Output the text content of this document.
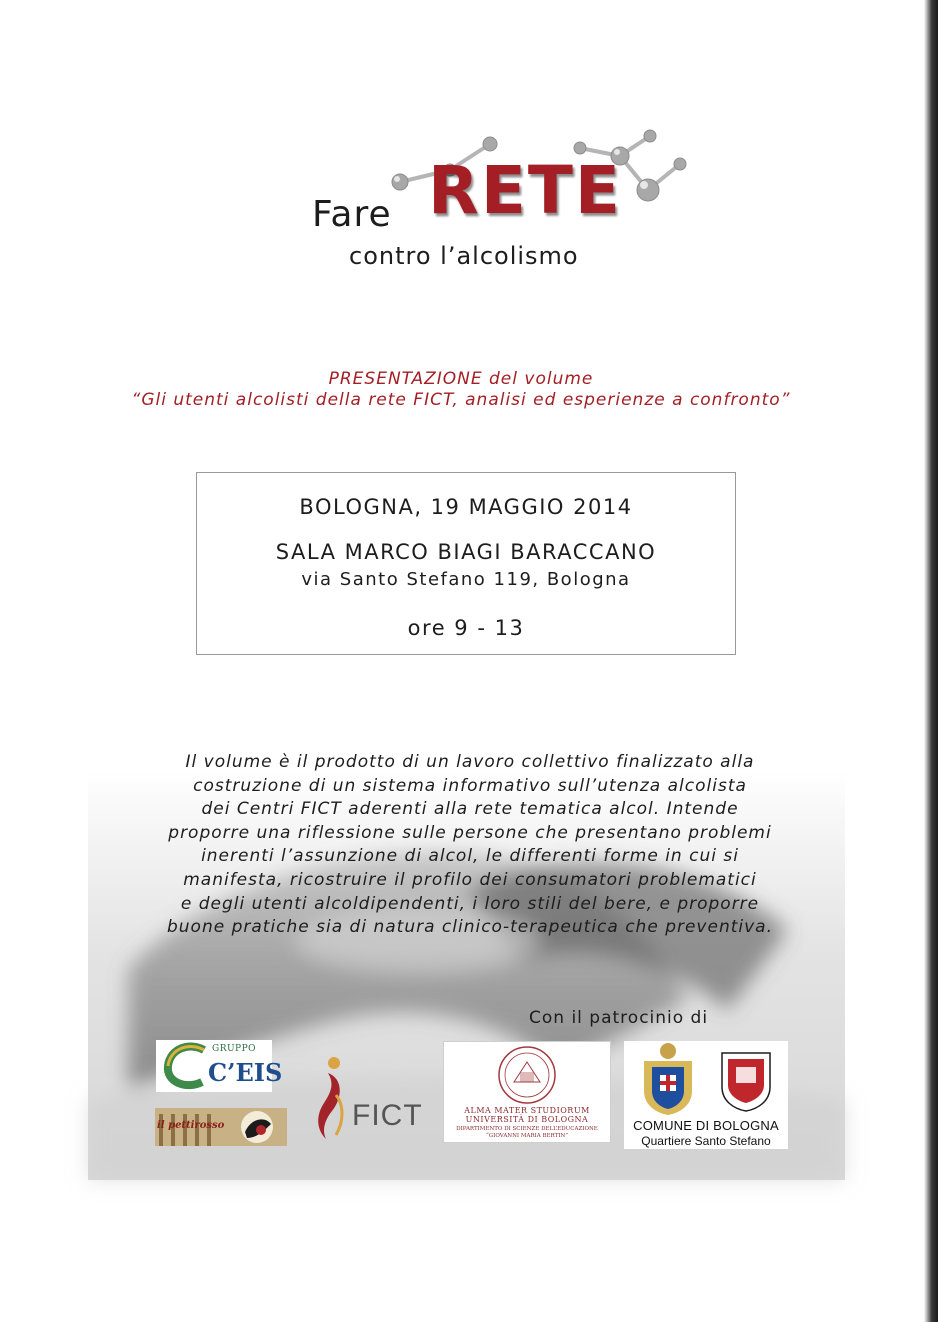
RETE
Fare
contro l’alcolismo
PRESENTAZIONE del volume
“Gli utenti alcolisti della rete FICT, analisi ed esperienze a confronto”
BOLOGNA, 19 MAGGIO 2014
SALA MARCO BIAGI BARACCANO
via Santo Stefano 119, Bologna
ore 9 - 13
Il volume è il prodotto di un lavoro collettivo finalizzato alla
costruzione di un sistema informativo sull’utenza alcolista
dei Centri FICT aderenti alla rete tematica alcol. Intende
proporre una riflessione sulle persone che presentano problemi
inerenti l’assunzione di alcol, le differenti forme in cui si
manifesta, ricostruire il profilo dei consumatori problematici
e degli utenti alcoldipendenti, i loro stili del bere, e proporre
buone pratiche sia di natura clinico-terapeutica che preventiva.
Con il patrocinio di
GRUPPO
C’EIS
il pettirosso	FICT	ALMA MATER STUDIORUM
UNIVERSITÀ DI BOLOGNA
DIPARTIMENTO DI SCIENZE DELL’EDUCAZIONE
“GIOVANNI MARIA BERTIN”
COMUNE DI BOLOGNA
Quartiere Santo Stefano
